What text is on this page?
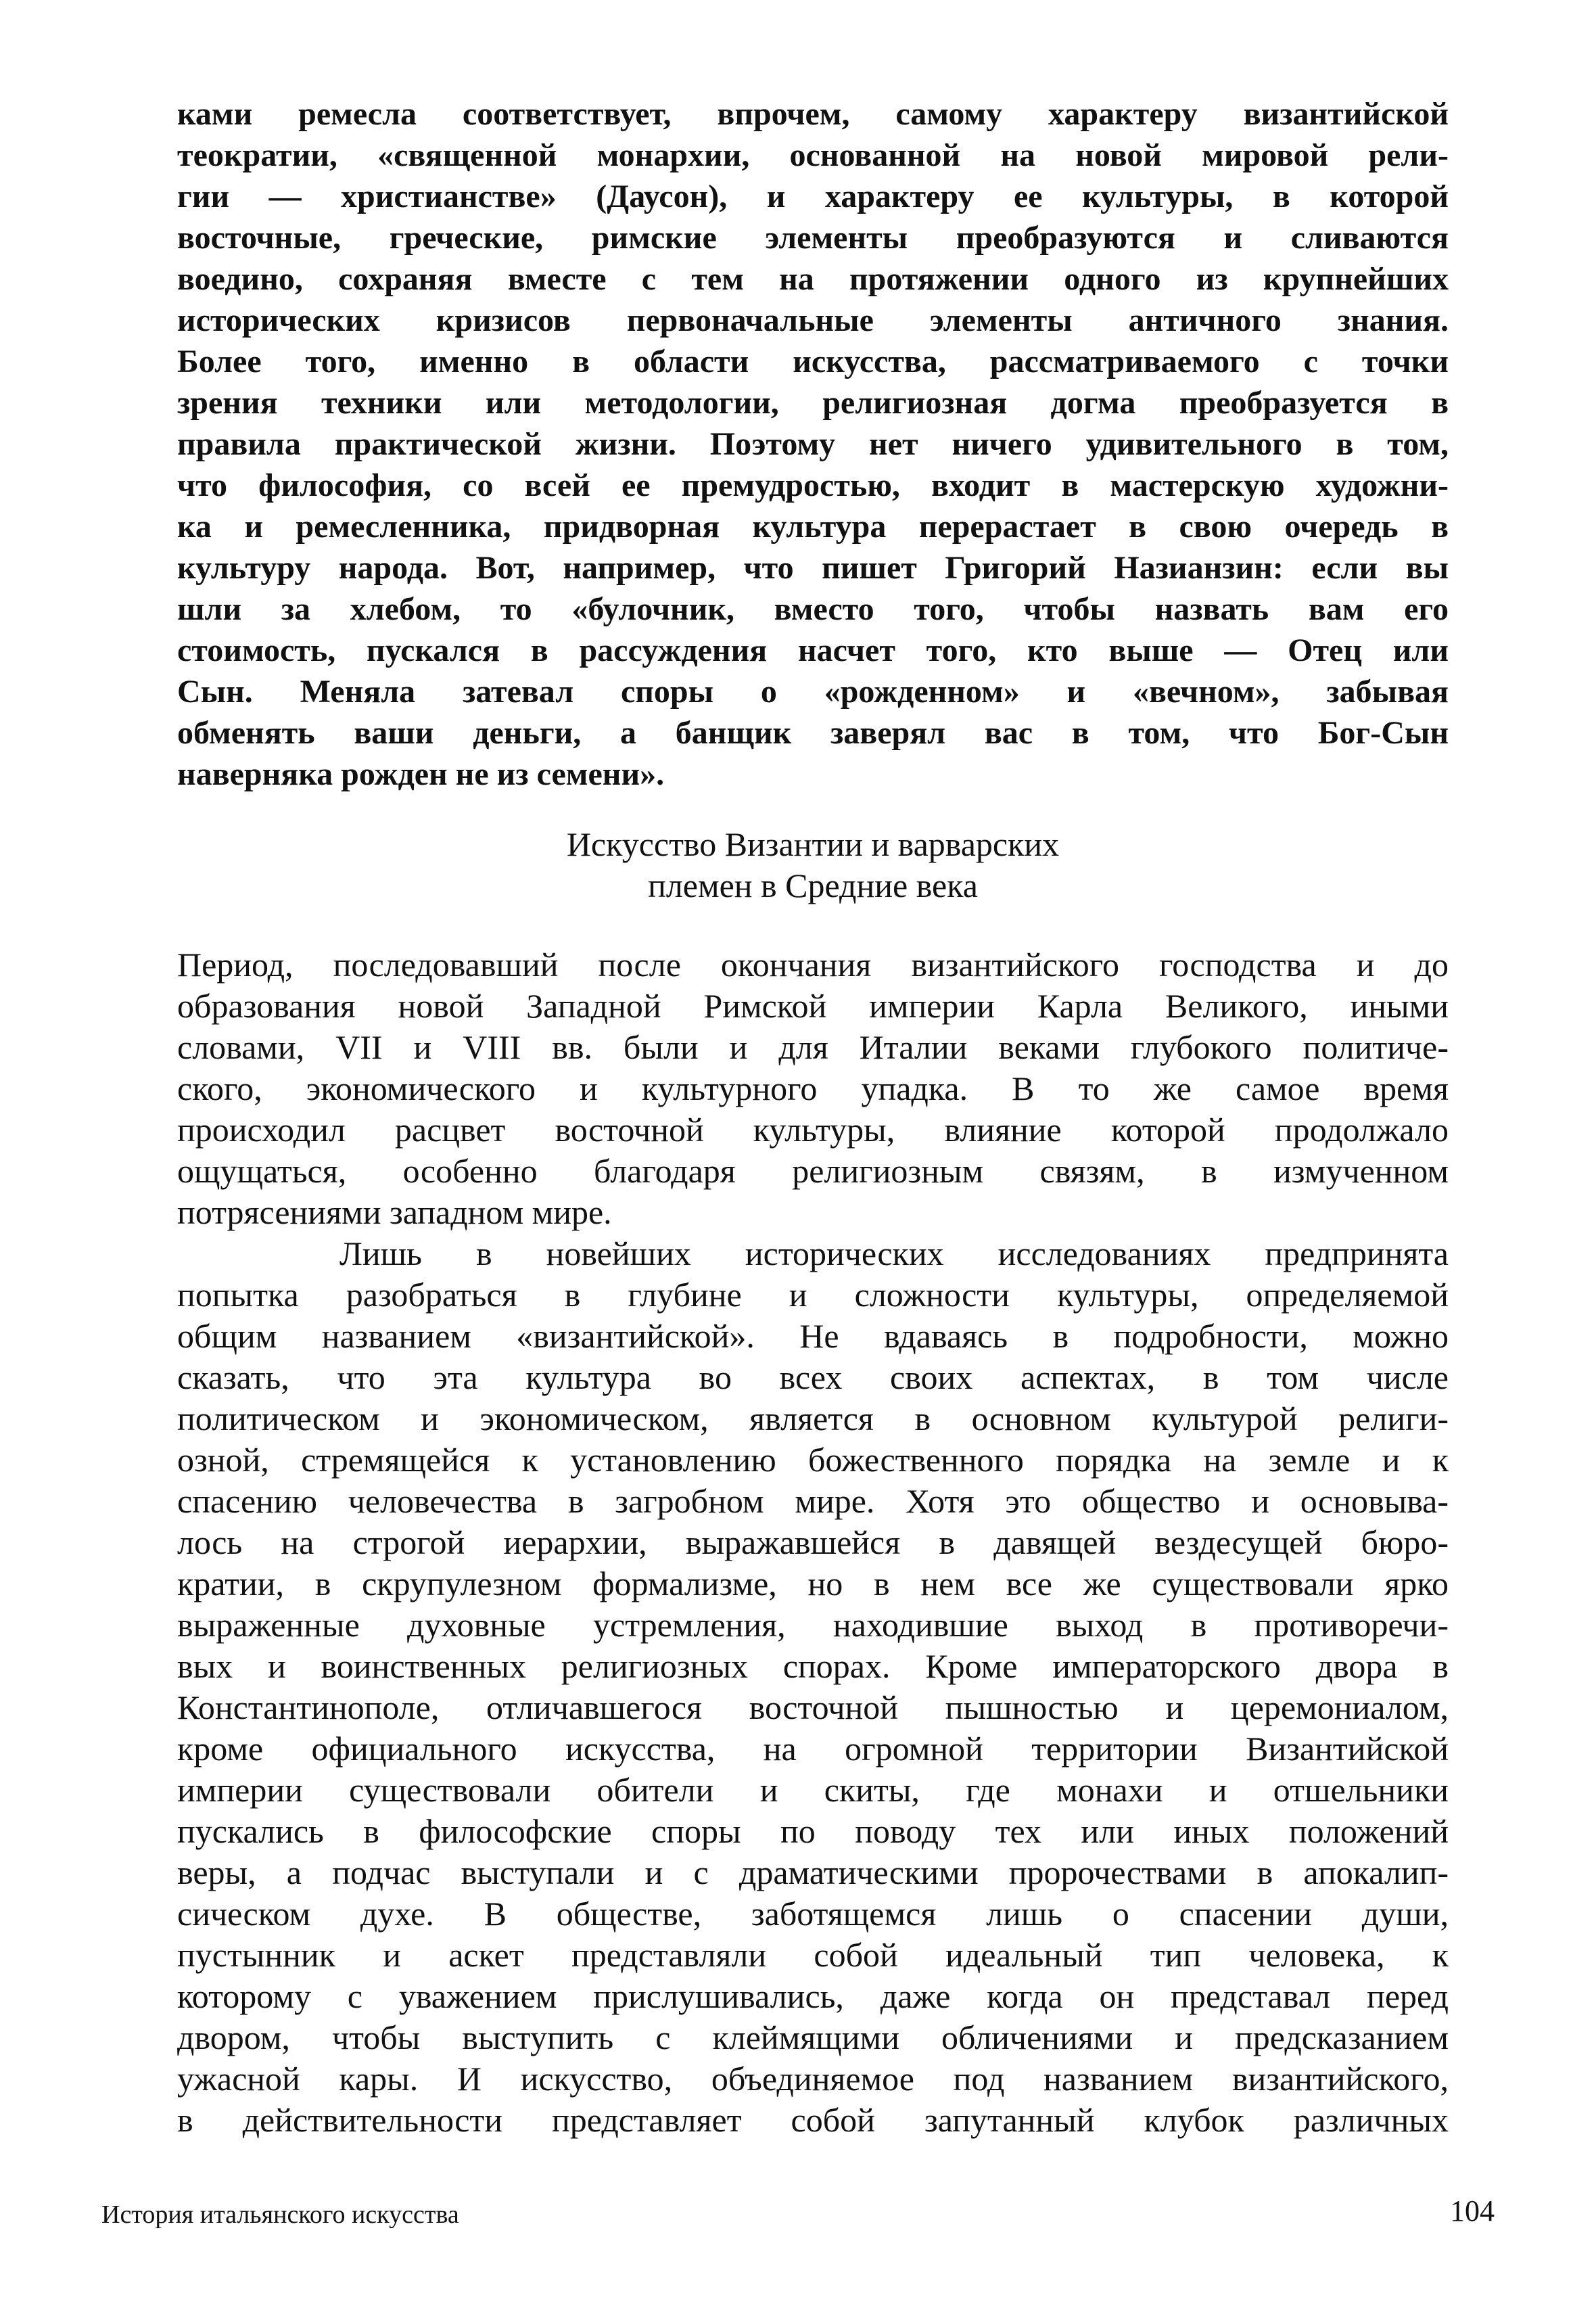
ками ремесла соответствует, впрочем, самому характеру византийской
теократии, «священной монархии, основанной на новой мировой рели-
гии — христианстве» (Даусон), и характеру ее культуры, в которой
восточные, греческие, римские элементы преобразуются и сливаются
воедино, сохраняя вместе с тем на протяжении одного из крупнейших
исторических кризисов первоначальные элементы античного знания.
Более того, именно в области искусства, рассматриваемого с точки
зрения техники или методологии, религиозная догма преобразуется в
правила практической жизни. Поэтому нет ничего удивительного в том,
что философия, со всей ее премудростью, входит в мастерскую художни-
ка и ремесленника, придворная культура перерастает в свою очередь в
культуру народа. Вот, например, что пишет Григорий Назианзин: если вы
шли за хлебом, то «булочник, вместо того, чтобы назвать вам его
стоимость, пускался в рассуждения насчет того, кто выше — Отец или
Сын. Меняла затевал споры о «рожденном» и «вечном», забывая
обменять ваши деньги, а банщик заверял вас в том, что Бог-Сын
наверняка рожден не из семени».
Искусство Византии и варварских
племен в Средние века
Период, последовавший после окончания византийского господства и до
образования новой Западной Римской империи Карла Великого, иными
словами, VII и VIII вв. были и для Италии веками глубокого политиче-
ского, экономического и культурного упадка. В то же самое время
происходил расцвет восточной культуры, влияние которой продолжало
ощущаться, особенно благодаря религиозным связям, в измученном
потрясениями западном мире.
Лишь в новейших исторических исследованиях предпринята
попытка разобраться в глубине и сложности культуры, определяемой
общим названием «византийской». Не вдаваясь в подробности, можно
сказать, что эта культура во всех своих аспектах, в том числе
политическом и экономическом, является в основном культурой религи-
озной, стремящейся к установлению божественного порядка на земле и к
спасению человечества в загробном мире. Хотя это общество и основыва-
лось на строгой иерархии, выражавшейся в давящей вездесущей бюро-
кратии, в скрупулезном формализме, но в нем все же существовали ярко
выраженные духовные устремления, находившие выход в противоречи-
вых и воинственных религиозных спорах. Кроме императорского двора в
Константинополе, отличавшегося восточной пышностью и церемониалом,
кроме официального искусства, на огромной территории Византийской
империи существовали обители и скиты, где монахи и отшельники
пускались в философские споры по поводу тех или иных положений
веры, а подчас выступали и с драматическими пророчествами в апокалип-
сическом духе. В обществе, заботящемся лишь о спасении души,
пустынник и аскет представляли собой идеальный тип человека, к
которому с уважением прислушивались, даже когда он представал перед
двором, чтобы выступить с клеймящими обличениями и предсказанием
ужасной кары. И искусство, объединяемое под названием византийского,
в действительности представляет собой запутанный клубок различных
История итальянского искусства	104
